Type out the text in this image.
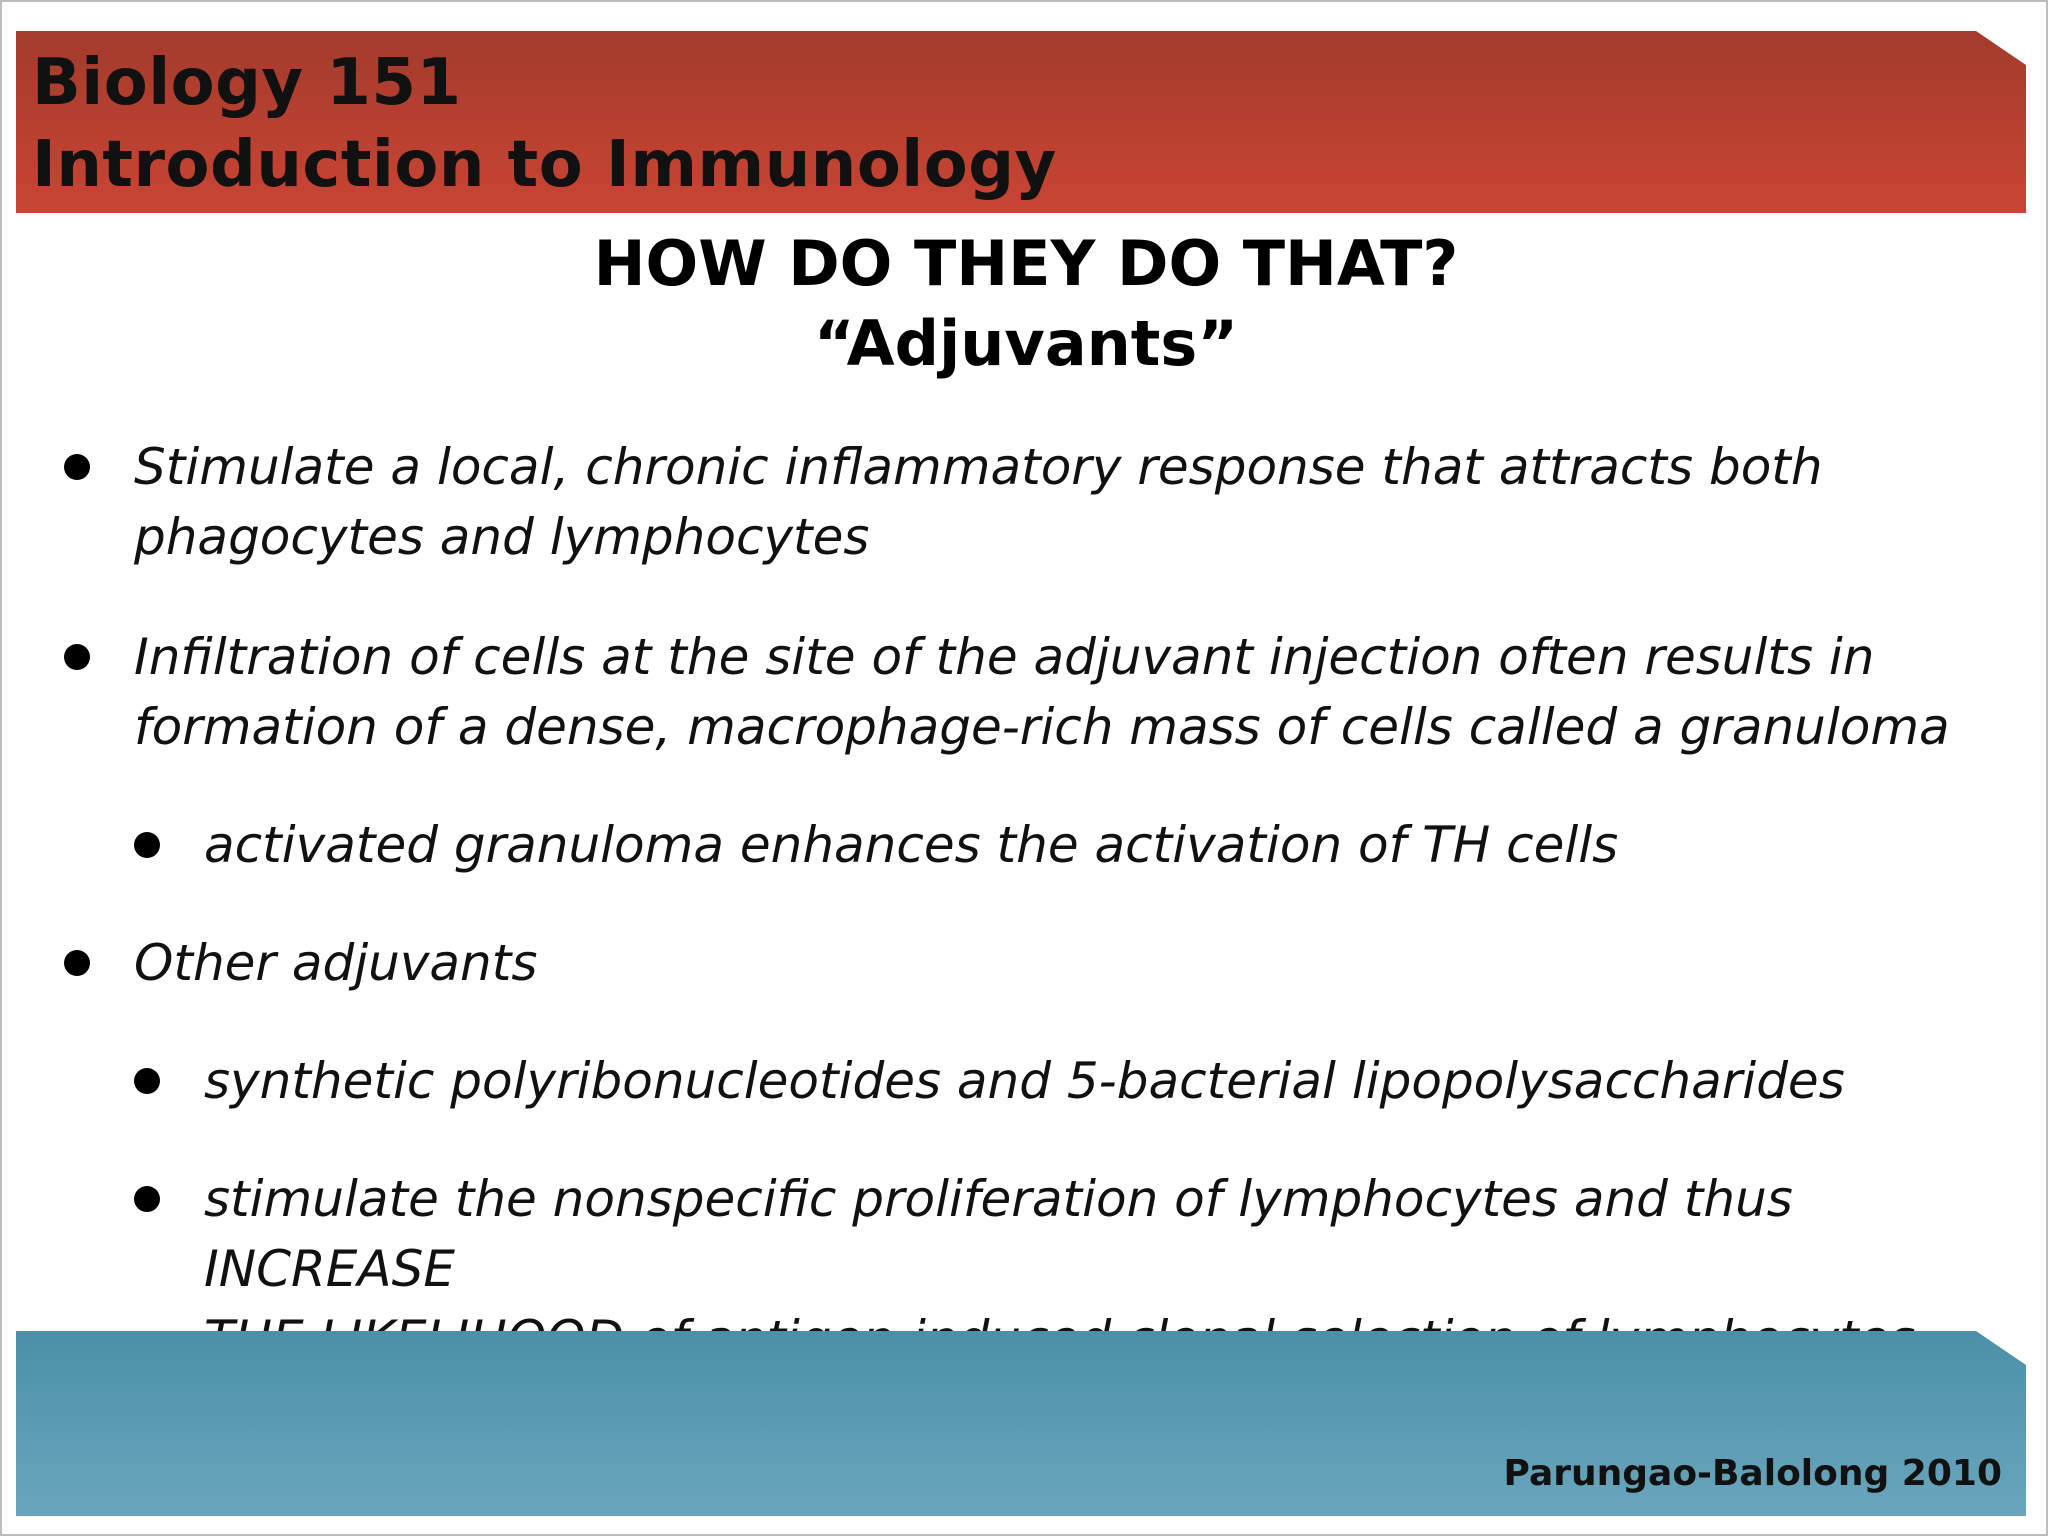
Biology 151
Introduction to Immunology
HOW DO THEY DO THAT?
“Adjuvants”
Stimulate a local, chronic inflammatory response that attracts both
phagocytes and lymphocytes
Infiltration of cells at the site of the adjuvant injection often results in
formation of a dense, macrophage-rich mass of cells called a granuloma
activated granuloma enhances the activation of TH cells
Other adjuvants
synthetic polyribonucleotides and 5-bacterial lipopolysaccharides
stimulate the nonspecific proliferation of lymphocytes and thus INCREASE

Parungao-Balolong 2010
